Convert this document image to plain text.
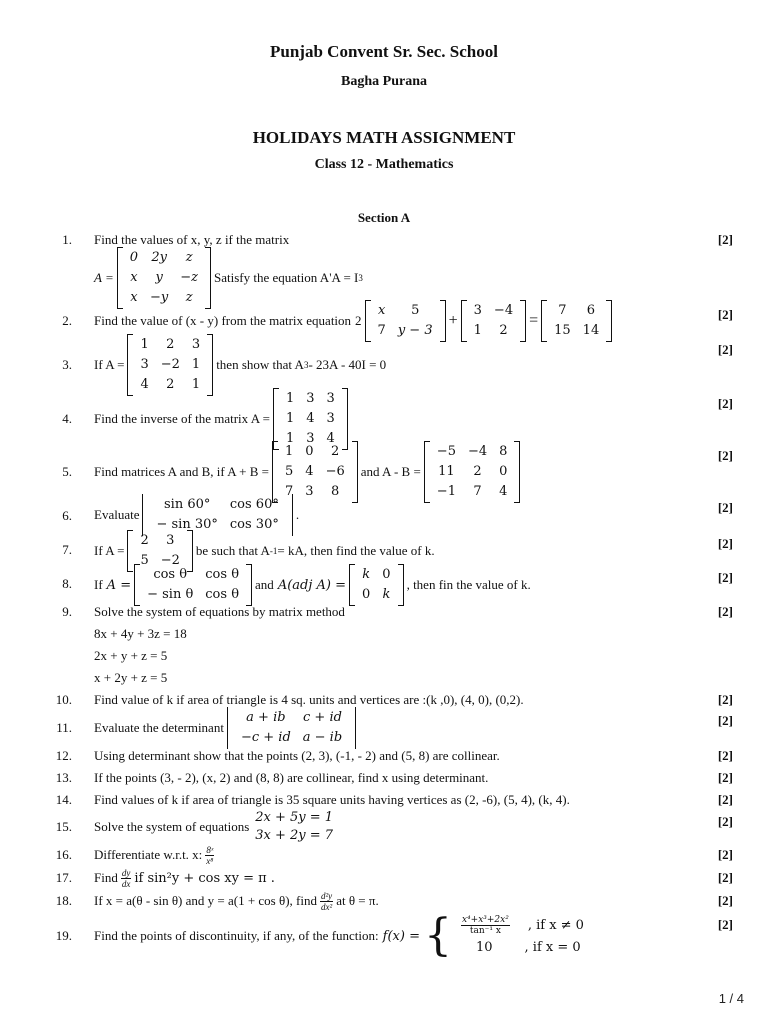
Punjab Convent Sr. Sec. School
Bagha Purana
HOLIDAYS MATH ASSIGNMENT
Class 12 - Mathematics
Section A
1. Find the values of x, y, z if the matrix	[2]
A =
0	2y	z
x	y	−z
x	−y	z
Satisfy the equation A'A = I 3
2.	[2]
Find the value of (x - y) from the matrix equation 2
x	5
7	y − 3
+
3	−4
1	2
=
7	6
15	14
3.
[2]
If A =
1	2	3
3	−2	1
4	2	1
then show that A 3 - 23A - 40I = 0
4.
[2]
Find the inverse of the matrix A =
1	3	3
1	4	3
1	3	4
5.
[2]
Find matrices A and B, if A + B =
1	0	2
5	4	−6
7	3	8
and A - B =
−5	−4	8
11	2	0
−1	7	4
6.
[2]
Evaluate
sin 60°	cos 60°
− sin 30°	cos 30°
.
7.	[2]
If A =
2	3
5	−2
be such that A -1 = kA, then find the value of k.
8.	[2]
If A =
cos θ	cos θ
− sin θ	cos θ
and A(adj A) =
k	0
0	k
, then fin the value of k.
9. Solve the system of equations by matrix method	[2]
8x + 4y + 3z = 18
2x + y + z = 5
x + 2y + z = 5
10. Find value of k if area of triangle is 4 sq. units and vertices are :(k ,0), (4, 0), (0,2).	[2]
11.	[2]
Evaluate the determinant
a + ib	c + id
−c + id	a − ib
12. Using determinant show that the points (2, 3), (-1, - 2) and (5, 8) are collinear.	[2]
13. If the points (3, - 2), (x, 2) and (8, 8) are collinear, find x using determinant.	[2]
14. Find values of k if area of triangle is 35 square units having vertices as (2, -6), (5, 4), (k, 4).	[2]
15.	[2]
Solve the system of equations
2x + 5y = 1
3x + 2y = 7
16.	[2]
Differentiate w.r.t. x: $\frac{\text{8ˣ}}{\text{x⁸}}$
17.	[2]
Find $\frac{dy}{dx}$ if sin²y + cos xy = π .
18.	[2]
If x = a(θ - sin θ) and y = a(1 + cos θ), find $\frac{\text{d²y}}{\text{dx²}}$ at θ = π.
19.
[2]
Find the points of discontinuity, if any, of the function: f(x) = { $\frac{\text{x⁴+x³+2x²}}{\text{tan⁻¹ x}}$ , if x ≠ 0
10 , if x = 0
1 / 4
